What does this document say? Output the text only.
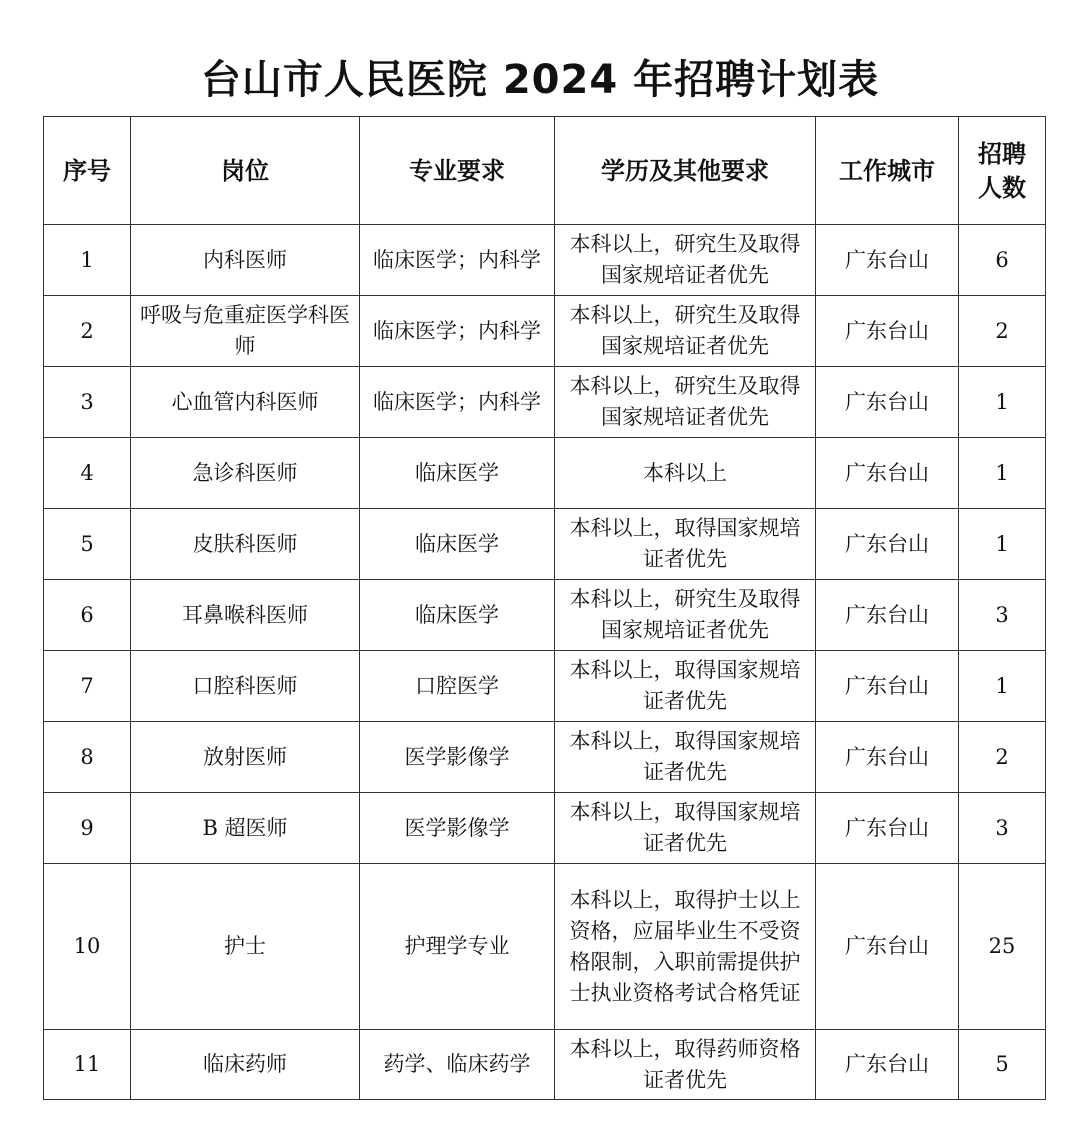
台山市人民医院 2024 年招聘计划表
序号	岗位	专业要求	学历及其他要求	工作城市	招聘
人数
1	内科医师	临床医学；内科学	本科以上，研究生及取得国家规培证者优先	广东台山	6
2	呼吸与危重症医学科医师	临床医学；内科学	本科以上，研究生及取得国家规培证者优先	广东台山	2
3	心血管内科医师	临床医学；内科学	本科以上，研究生及取得国家规培证者优先	广东台山	1
4	急诊科医师	临床医学	本科以上	广东台山	1
5	皮肤科医师	临床医学	本科以上，取得国家规培证者优先	广东台山	1
6	耳鼻喉科医师	临床医学	本科以上，研究生及取得国家规培证者优先	广东台山	3
7	口腔科医师	口腔医学	本科以上，取得国家规培证者优先	广东台山	1
8	放射医师	医学影像学	本科以上，取得国家规培证者优先	广东台山	2
9	B 超医师	医学影像学	本科以上，取得国家规培证者优先	广东台山	3
10	护士	护理学专业	本科以上，取得护士以上资格，应届毕业生不受资格限制，入职前需提供护士执业资格考试合格凭证	广东台山	25
11	临床药师	药学、临床药学	本科以上，取得药师资格证者优先	广东台山	5
